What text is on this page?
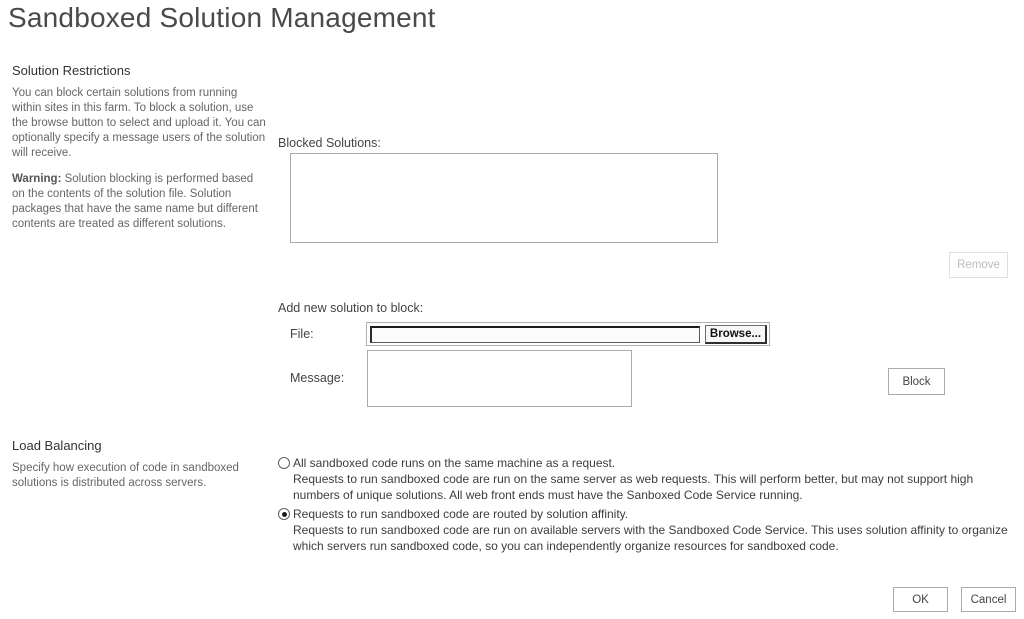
Sandboxed Solution Management
Solution Restrictions
You can block certain solutions from running within sites in this farm. To block a solution, use the browse button to select and upload it. You can optionally specify a message users of the solution will receive.
Warning: Solution blocking is performed based on the contents of the solution file. Solution packages that have the same name but different contents are treated as different solutions.
Blocked Solutions:
Remove
Add new solution to block:
File:	Browse...
Message:	Block
Load Balancing
Specify how execution of code in sandboxed solutions is distributed across servers.
All sandboxed code runs on the same machine as a request.
Requests to run sandboxed code are run on the same server as web requests. This will perform better, but may not support high numbers of unique solutions. All web front ends must have the Sanboxed Code Service running.
Requests to run sandboxed code are routed by solution affinity.
Requests to run sandboxed code are run on available servers with the Sandboxed Code Service. This uses solution affinity to organize which servers run sandboxed code, so you can independently organize resources for sandboxed code.
OK	Cancel
